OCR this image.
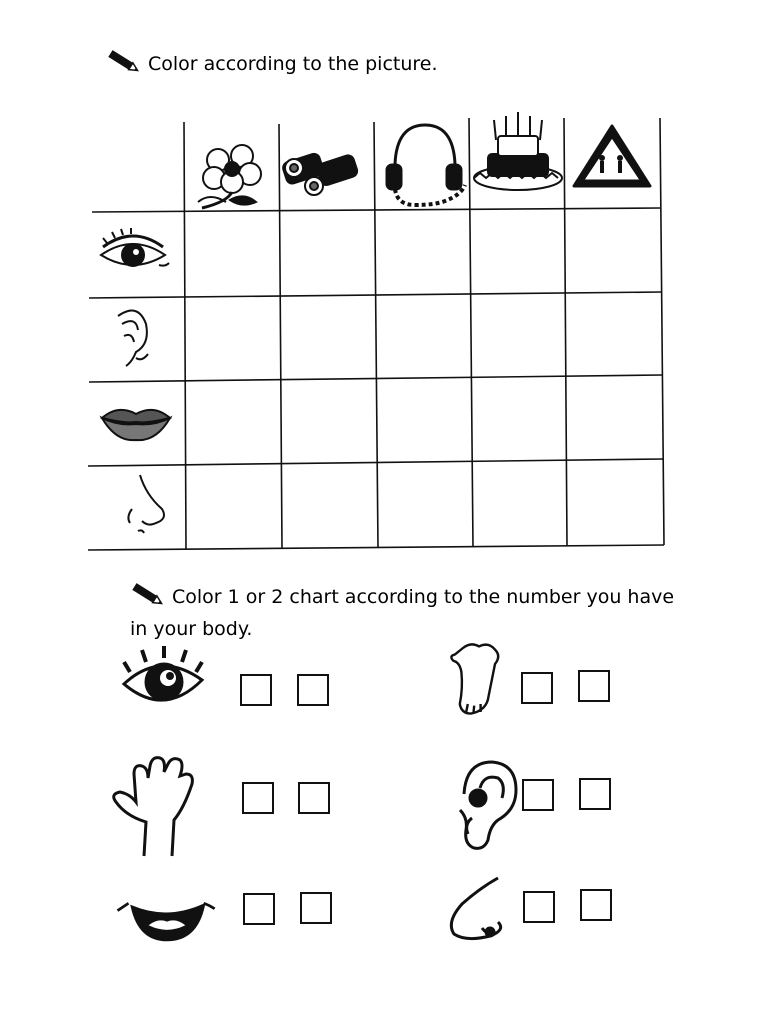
Color according to the picture.
Color 1 or 2 chart according to the number you have in your body.
